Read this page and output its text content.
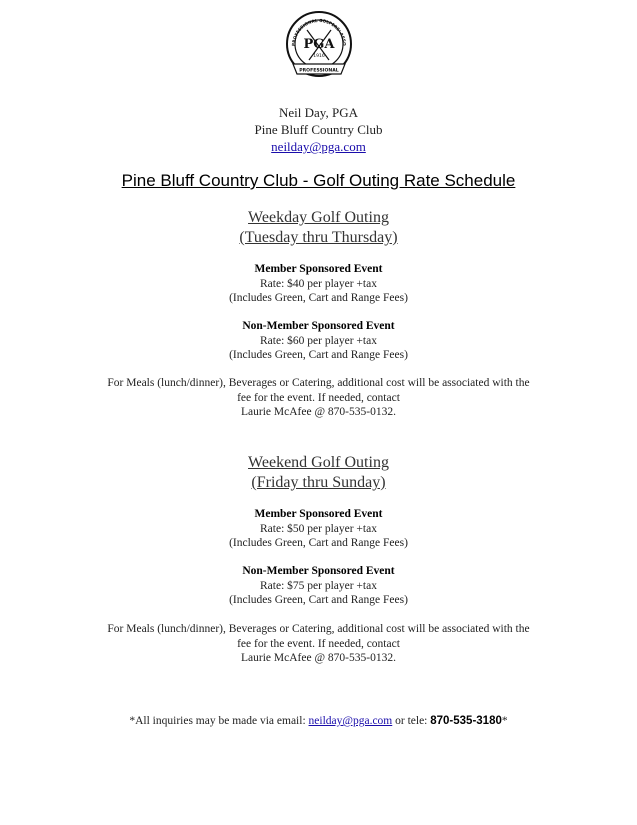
PROFESSIONAL GOLFERS' ASSO
PGA
1916
PROFESSIONAL
Neil Day, PGA
Pine Bluff Country Club
neilday@pga.com
Pine Bluff Country Club - Golf Outing Rate Schedule
Weekday Golf Outing
(Tuesday thru Thursday)
Member Sponsored Event
Rate: $40 per player +tax
(Includes Green, Cart and Range Fees)
Non-Member Sponsored Event
Rate: $60 per player +tax
(Includes Green, Cart and Range Fees)
For Meals (lunch/dinner), Beverages or Catering, additional cost will be associated with the
fee for the event. If needed, contact
Laurie McAfee @ 870-535-0132.
Weekend Golf Outing
(Friday thru Sunday)
Member Sponsored Event
Rate: $50 per player +tax
(Includes Green, Cart and Range Fees)
Non-Member Sponsored Event
Rate: $75 per player +tax
(Includes Green, Cart and Range Fees)
For Meals (lunch/dinner), Beverages or Catering, additional cost will be associated with the
fee for the event. If needed, contact
Laurie McAfee @ 870-535-0132.
*All inquiries may be made via email: neilday@pga.com or tele: 870-535-3180*
